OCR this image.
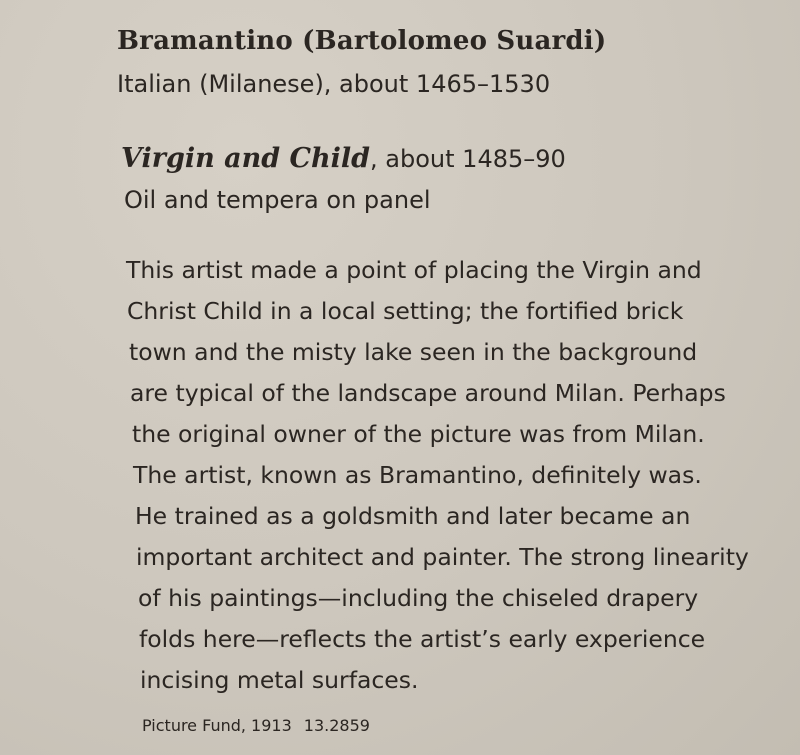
Bramantino (Bartolomeo Suardi)
Italian (Milanese), about 1465–1530
Virgin and Child, about 1485–90
Oil and tempera on panel
This artist made a point of placing the Virgin and
Christ Child in a local setting; the fortified brick
town and the misty lake seen in the background
are typical of the landscape around Milan. Perhaps
the original owner of the picture was from Milan.
The artist, known as Bramantino, definitely was.
He trained as a goldsmith and later became an
important architect and painter. The strong linearity
of his paintings—including the chiseled drapery
folds here—reflects the artist’s early experience
incising metal surfaces.
Picture Fund, 1913 13.2859
